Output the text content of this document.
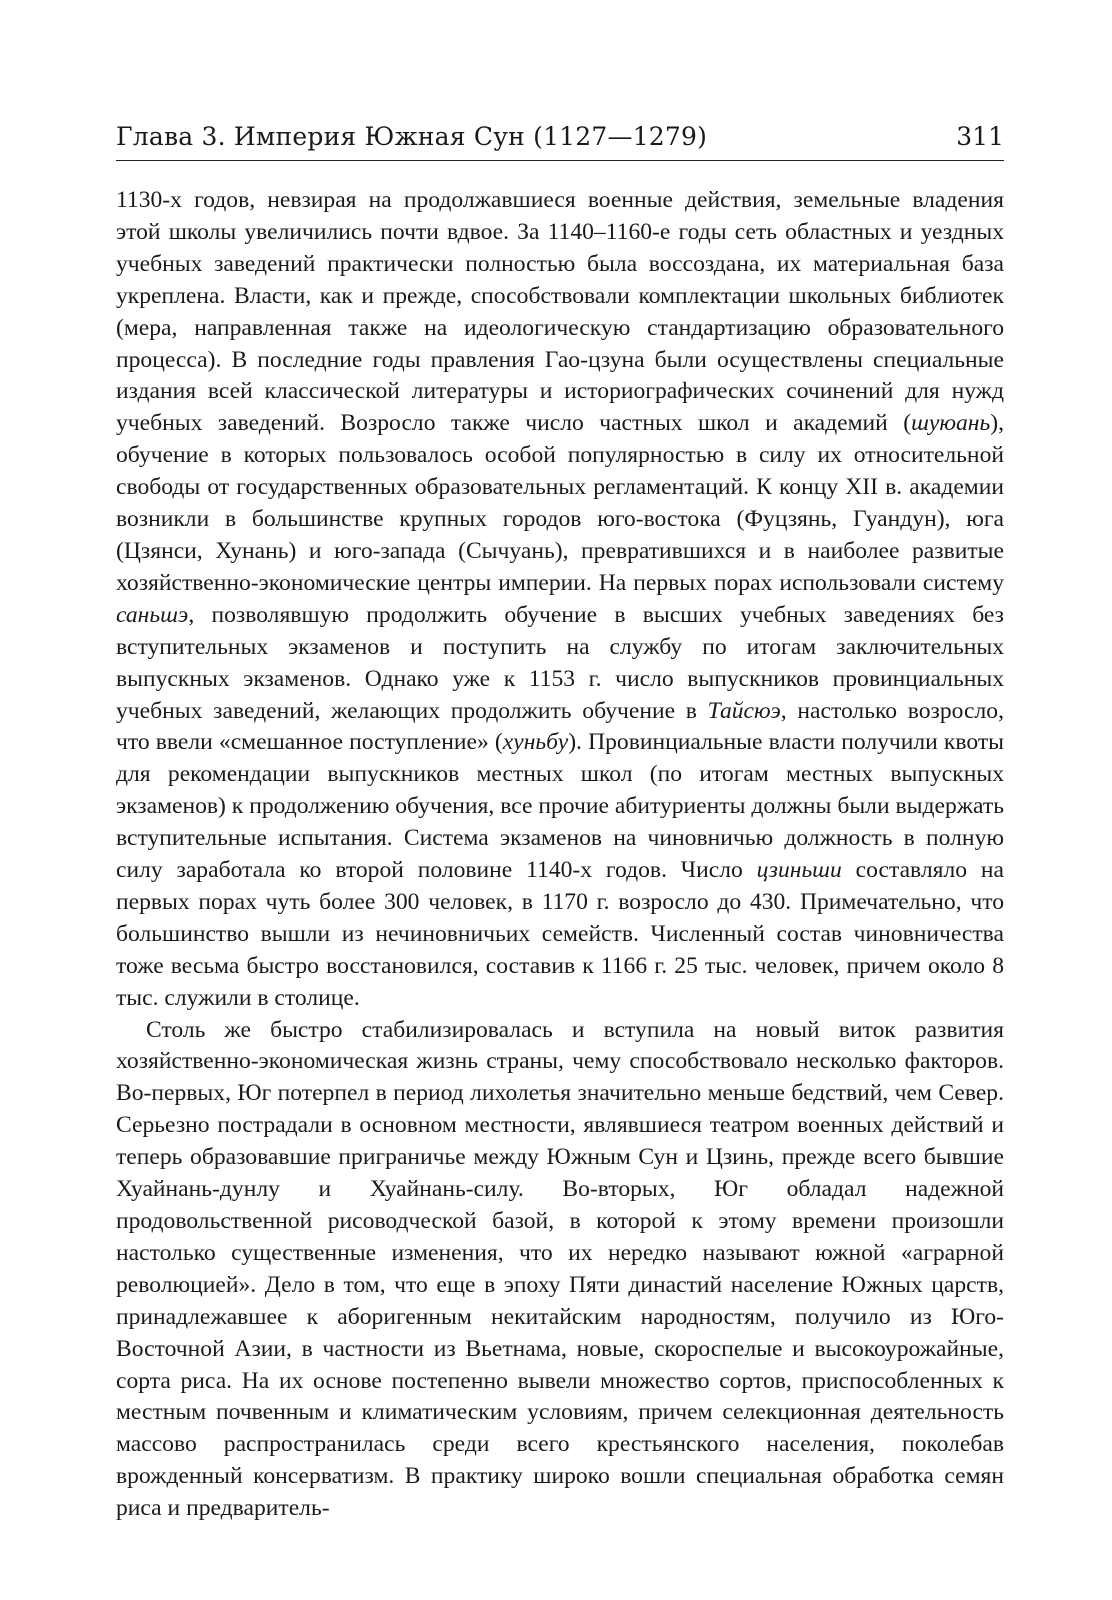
Глава 3. Империя Южная Сун (1127—1279)	311

1130-х годов, невзирая на продолжавшиеся военные действия, земельные владения этой школы увеличились почти вдвое. За 1140–1160-е годы сеть областных и уездных учебных заведений практически полностью была воссоздана, их материальная база укреплена. Власти, как и прежде, способствовали комплектации школьных библиотек (мера, направленная также на идеологическую стандартизацию образовательного процесса). В последние годы правления Гао-цзуна были осуществлены специальные издания всей классической литературы и историографических сочинений для нужд учебных заведений. Возросло также число частных школ и академий (шуюань), обучение в которых пользовалось особой популярностью в силу их относительной свободы от государственных образовательных регламентаций. К концу XII в. академии возникли в большинстве крупных городов юго-востока (Фуцзянь, Гуандун), юга (Цзянси, Хунань) и юго-запада (Сычуань), превратившихся и в наиболее развитые хозяйственно-экономические центры империи. На первых порах использовали систему саньшэ, позволявшую продолжить обучение в высших учебных заведениях без вступительных экзаменов и поступить на службу по итогам заключительных выпускных экзаменов. Однако уже к 1153 г. число выпускников провинциальных учебных заведений, желающих продолжить обучение в Тайсюэ, настолько возросло, что ввели «смешанное поступление» (хуньбу). Провинциальные власти получили квоты для рекомендации выпускников местных школ (по итогам местных выпускных экзаменов) к продолжению обучения, все прочие абитуриенты должны были выдержать вступительные испытания. Система экзаменов на чиновничью должность в полную силу заработала ко второй половине 1140-х годов. Число цзиньши составляло на первых порах чуть более 300 человек, в 1170 г. возросло до 430. Примечательно, что большинство вышли из нечиновничьих семейств. Численный состав чиновничества тоже весьма быстро восстановился, составив к 1166 г. 25 тыс. человек, причем около 8 тыс. служили в столице.

Столь же быстро стабилизировалась и вступила на новый виток развития хозяйственно-экономическая жизнь страны, чему способствовало несколько факторов. Во-первых, Юг потерпел в период лихолетья значительно меньше бедствий, чем Север. Серьезно пострадали в основном местности, являвшиеся театром военных действий и теперь образовавшие приграничье между Южным Сун и Цзинь, прежде всего бывшие Хуайнань-дунлу и Хуайнань-силу. Во-вторых, Юг обладал надежной продовольственной рисоводческой базой, в которой к этому времени произошли настолько существенные изменения, что их нередко называют южной «аграрной революцией». Дело в том, что еще в эпоху Пяти династий население Южных царств, принадлежавшее к аборигенным некитайским народностям, получило из Юго-Восточной Азии, в частности из Вьетнама, новые, скороспелые и высокоурожайные, сорта риса. На их основе постепенно вывели множество сортов, приспособленных к местным почвенным и климатическим условиям, причем селекционная деятельность массово распространилась среди всего крестьянского населения, поколебав врожденный консерватизм. В практику широко вошли специальная обработка семян риса и предваритель-
